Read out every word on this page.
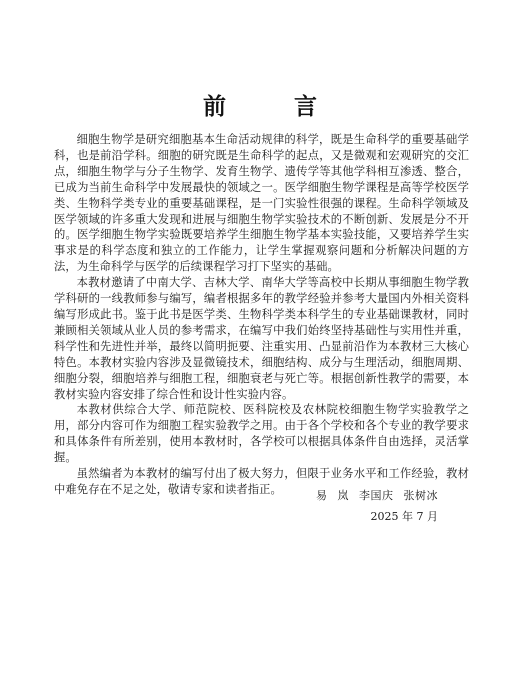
前 言

细胞生物学是研究细胞基本生命活动规律的科学，既是生命科学的重要基础学科，也是前沿学科。细胞的研究既是生命科学的起点，又是微观和宏观研究的交汇点，细胞生物学与分子生物学、发育生物学、遗传学等其他学科相互渗透、整合，已成为当前生命科学中发展最快的领域之一。医学细胞生物学课程是高等学校医学类、生物科学类专业的重要基础课程，是一门实验性很强的课程。生命科学领域及医学领域的许多重大发现和进展与细胞生物学实验技术的不断创新、发展是分不开的。医学细胞生物学实验既要培养学生细胞生物学基本实验技能，又要培养学生实事求是的科学态度和独立的工作能力，让学生掌握观察问题和分析解决问题的方法，为生命科学与医学的后续课程学习打下坚实的基础。

本教材邀请了中南大学、吉林大学、南华大学等高校中长期从事细胞生物学教学科研的一线教师参与编写，编者根据多年的教学经验并参考大量国内外相关资料编写形成此书。鉴于此书是医学类、生物科学类本科学生的专业基础课教材，同时兼顾相关领域从业人员的参考需求，在编写中我们始终坚持基础性与实用性并重，科学性和先进性并举，最终以简明扼要、注重实用、凸显前沿作为本教材三大核心特色。本教材实验内容涉及显微镜技术，细胞结构、成分与生理活动，细胞周期、细胞分裂，细胞培养与细胞工程，细胞衰老与死亡等。根据创新性教学的需要，本教材实验内容安排了综合性和设计性实验内容。

本教材供综合大学、师范院校、医科院校及农林院校细胞生物学实验教学之用，部分内容可作为细胞工程实验教学之用。由于各个学校和各个专业的教学要求和具体条件有所差别，使用本教材时，各学校可以根据具体条件自由选择，灵活掌握。

虽然编者为本教材的编写付出了极大努力，但限于业务水平和工作经验，教材中难免存在不足之处，敬请专家和读者指正。	易 岚 李国庆 张树冰
2025 年 7 月
